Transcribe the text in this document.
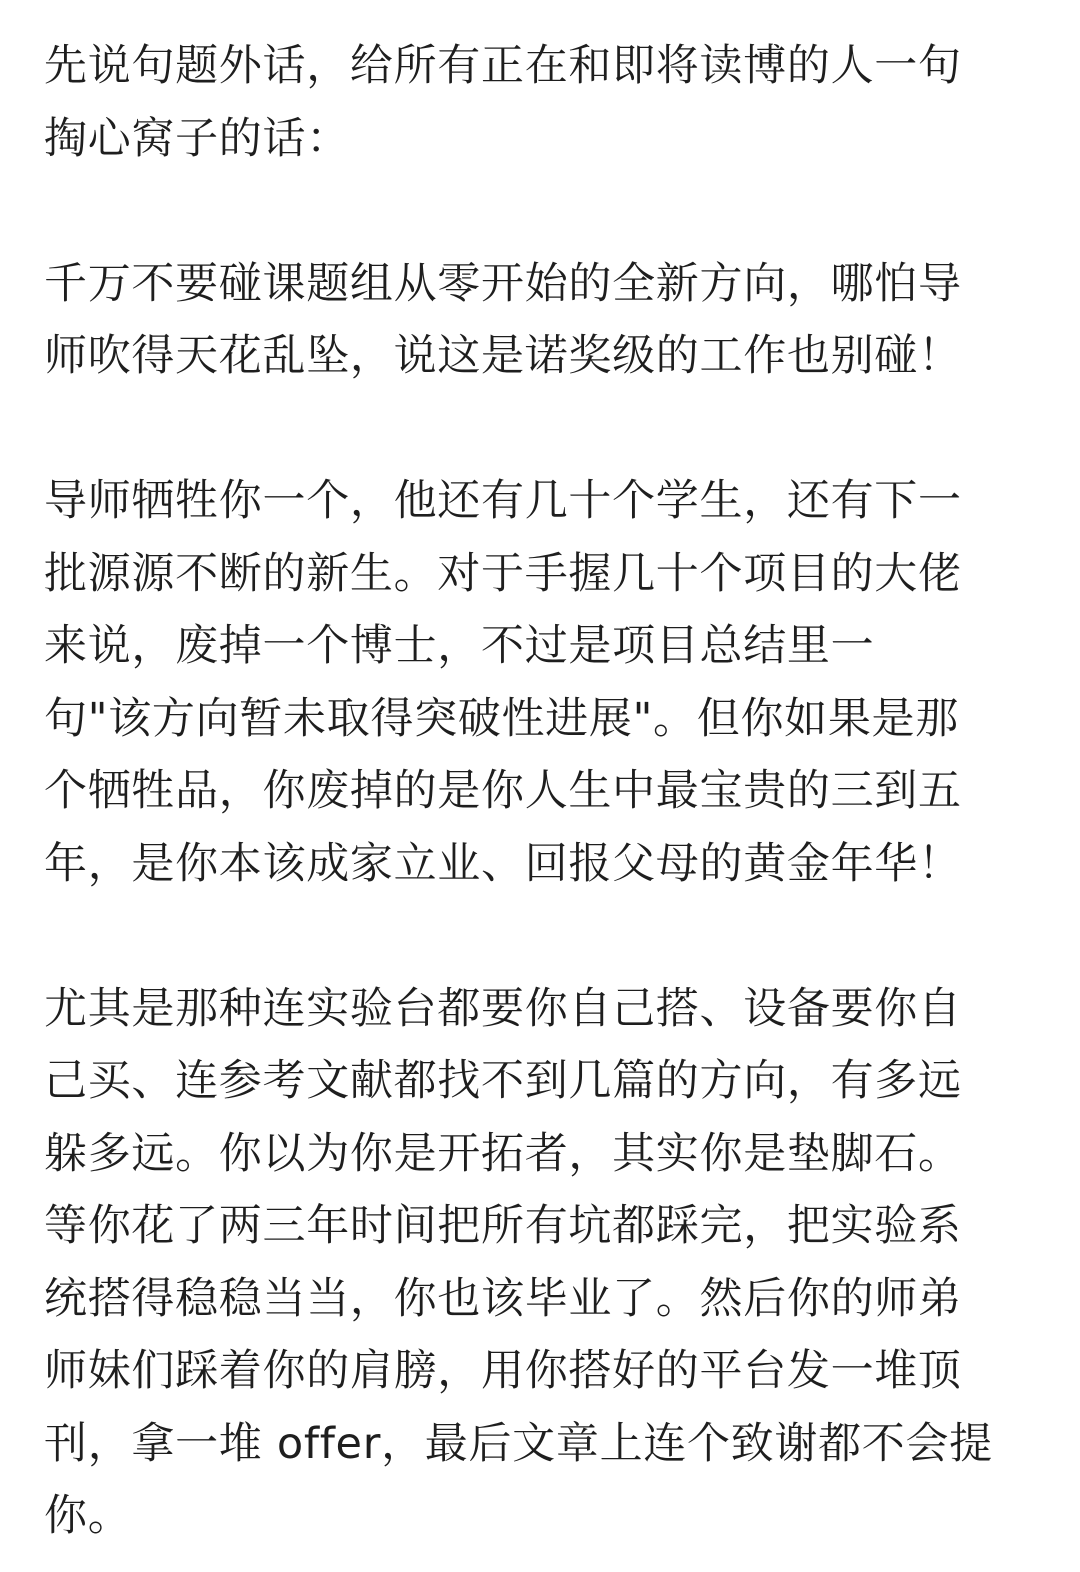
先说句题外话，给所有正在和即将读博的人一句
掏心窝子的话：
千万不要碰课题组从零开始的全新方向，哪怕导
师吹得天花乱坠，说这是诺奖级的工作也别碰！
导师牺牲你一个，他还有几十个学生，还有下一
批源源不断的新生。对于手握几十个项目的大佬
来说，废掉一个博士，不过是项目总结里一
句"该方向暂未取得突破性进展"。但你如果是那
个牺牲品，你废掉的是你人生中最宝贵的三到五
年，是你本该成家立业、回报父母的黄金年华！
尤其是那种连实验台都要你自己搭、设备要你自
己买、连参考文献都找不到几篇的方向，有多远
躲多远。你以为你是开拓者，其实你是垫脚石。
等你花了两三年时间把所有坑都踩完，把实验系
统搭得稳稳当当，你也该毕业了。然后你的师弟
师妹们踩着你的肩膀，用你搭好的平台发一堆顶
刊，拿一堆 offer，最后文章上连个致谢都不会提
你。
